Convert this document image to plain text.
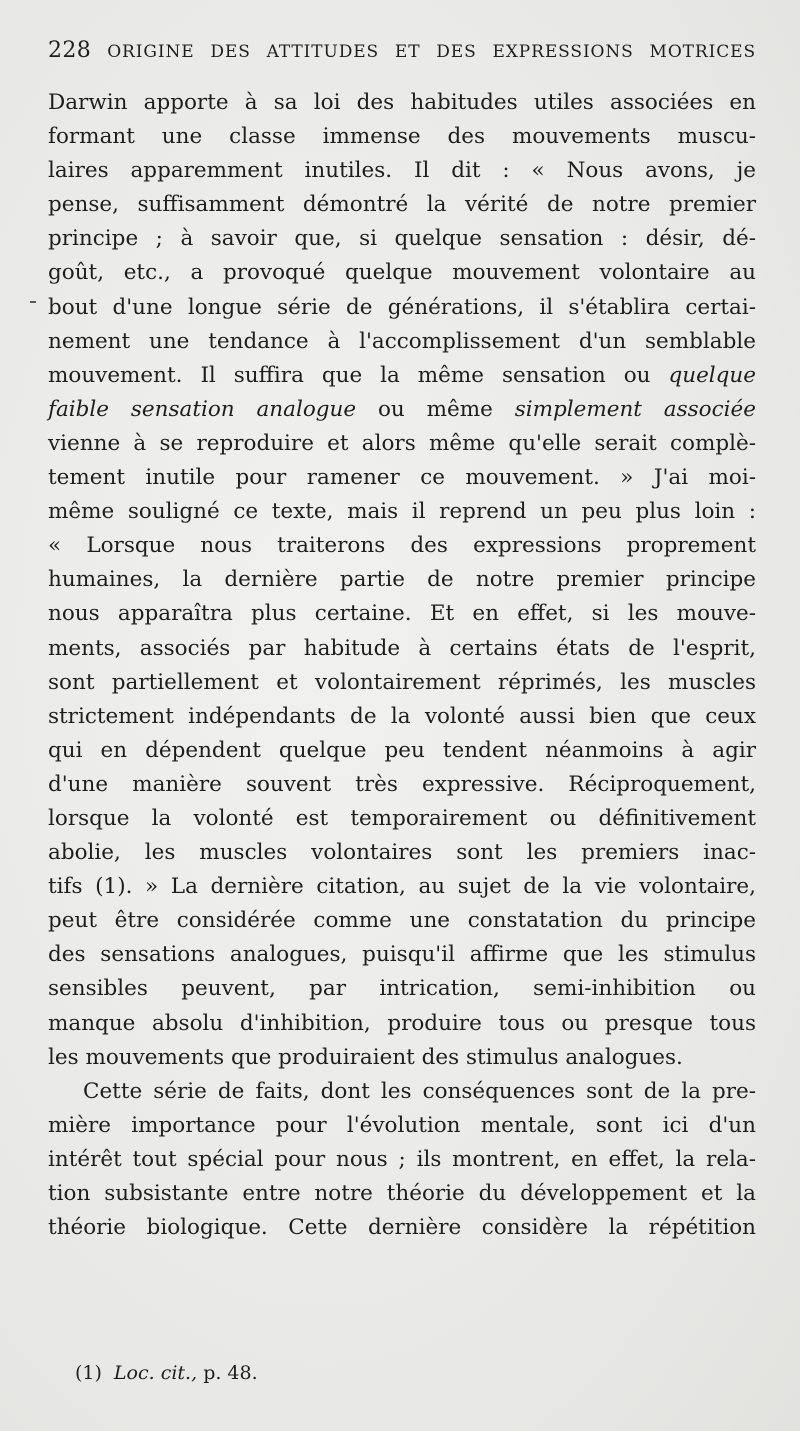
228 ORIGINE DES ATTITUDES ET DES EXPRESSIONS MOTRICES
Darwin apporte à sa loi des habitudes utiles associées en
formant une classe immense des mouvements muscu-
laires apparemment inutiles. Il dit : « Nous avons, je
pense, suffisamment démontré la vérité de notre premier
principe ; à savoir que, si quelque sensation : désir, dé-
goût, etc., a provoqué quelque mouvement volontaire au
bout d'une longue série de générations, il s'établira certai-
nement une tendance à l'accomplissement d'un semblable
mouvement. Il suffira que la même sensation ou quelque
faible sensation analogue ou même simplement associée
vienne à se reproduire et alors même qu'elle serait complè-
tement inutile pour ramener ce mouvement. » J'ai moi-
même souligné ce texte, mais il reprend un peu plus loin :
« Lorsque nous traiterons des expressions proprement
humaines, la dernière partie de notre premier principe
nous apparaîtra plus certaine. Et en effet, si les mouve-
ments, associés par habitude à certains états de l'esprit,
sont partiellement et volontairement réprimés, les muscles
strictement indépendants de la volonté aussi bien que ceux
qui en dépendent quelque peu tendent néanmoins à agir
d'une manière souvent très expressive. Réciproquement,
lorsque la volonté est temporairement ou définitivement
abolie, les muscles volontaires sont les premiers inac-
tifs (1). » La dernière citation, au sujet de la vie volontaire,
peut être considérée comme une constatation du principe
des sensations analogues, puisqu'il affirme que les stimulus
sensibles peuvent, par intrication, semi-inhibition ou
manque absolu d'inhibition, produire tous ou presque tous
les mouvements que produiraient des stimulus analogues.
Cette série de faits, dont les conséquences sont de la pre-
mière importance pour l'évolution mentale, sont ici d'un
intérêt tout spécial pour nous ; ils montrent, en effet, la rela-
tion subsistante entre notre théorie du développement et la
théorie biologique. Cette dernière considère la répétition
(1) Loc. cit., p. 48.
